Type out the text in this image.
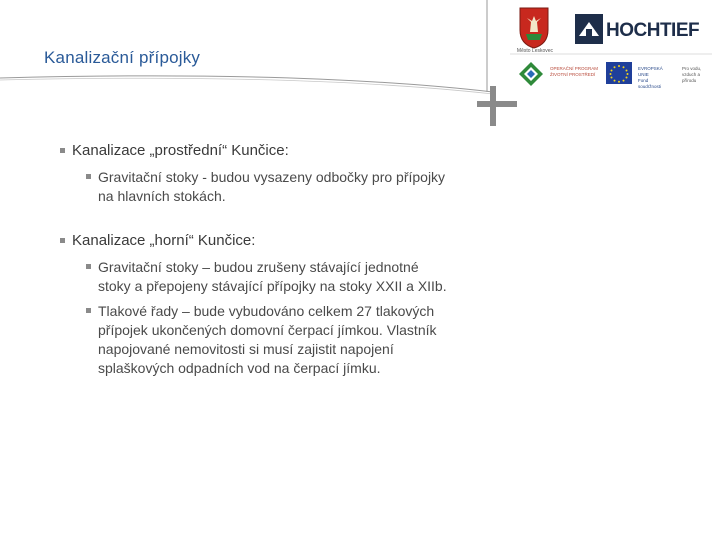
Kanalizační přípojky	Město Leskovec
HOCHTIEF
OPERAČNÍ PROGRAM ŽIVOTNÍ PROSTŘEDÍ
EVROPSKÁ UNIE
Fond soudržnosti
Pro vodu, vzduch a přírodu
Kanalizace „prostřední“ Kunčice:
Gravitační stoky - budou vysazeny odbočky pro přípojky na hlavních stokách.
Kanalizace „horní“ Kunčice:
Gravitační stoky – budou zrušeny stávající jednotné stoky a přepojeny stávající přípojky na stoky XXII a XIIb.
Tlakové řady – bude vybudováno celkem 27 tlakových přípojek ukončených domovní čerpací jímkou. Vlastník napojované nemovitosti si musí zajistit napojení splaškových odpadních vod na čerpací jímku.
